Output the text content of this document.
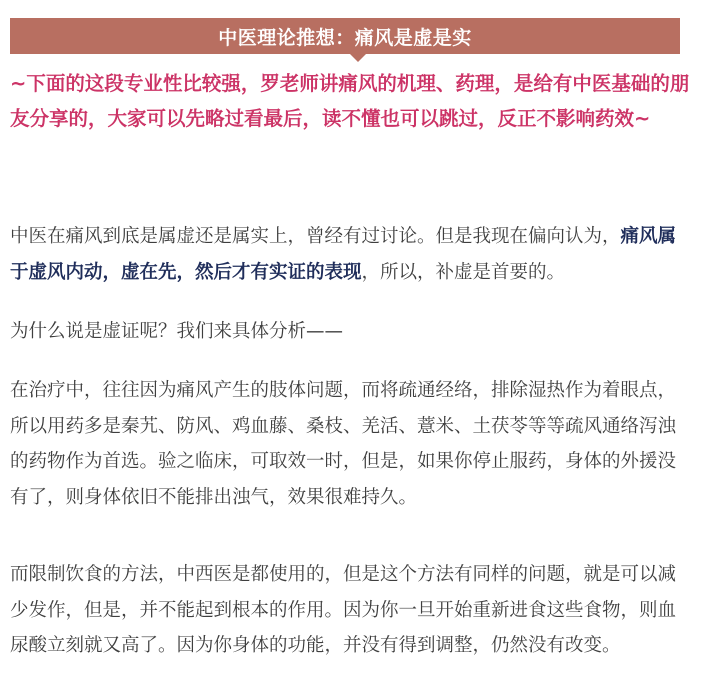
中医理论推想：痛风是虚是实

~下面的这段专业性比较强，罗老师讲痛风的机理、药理，是给有中医基础的朋友分享的，大家可以先略过看最后，读不懂也可以跳过，反正不影响药效~

中医在痛风到底是属虚还是属实上，曾经有过讨论。但是我现在偏向认为，痛风属于虚风内动，虚在先，然后才有实证的表现，所以，补虚是首要的。

为什么说是虚证呢？我们来具体分析——

在治疗中，往往因为痛风产生的肢体问题，而将疏通经络，排除湿热作为着眼点，所以用药多是秦艽、防风、鸡血藤、桑枝、羌活、薏米、土茯苓等等疏风通络泻浊的药物作为首选。验之临床，可取效一时，但是，如果你停止服药，身体的外援没有了，则身体依旧不能排出浊气，效果很难持久。

而限制饮食的方法，中西医是都使用的，但是这个方法有同样的问题，就是可以减少发作，但是，并不能起到根本的作用。因为你一旦开始重新进食这些食物，则血尿酸立刻就又高了。因为你身体的功能，并没有得到调整，仍然没有改变。
